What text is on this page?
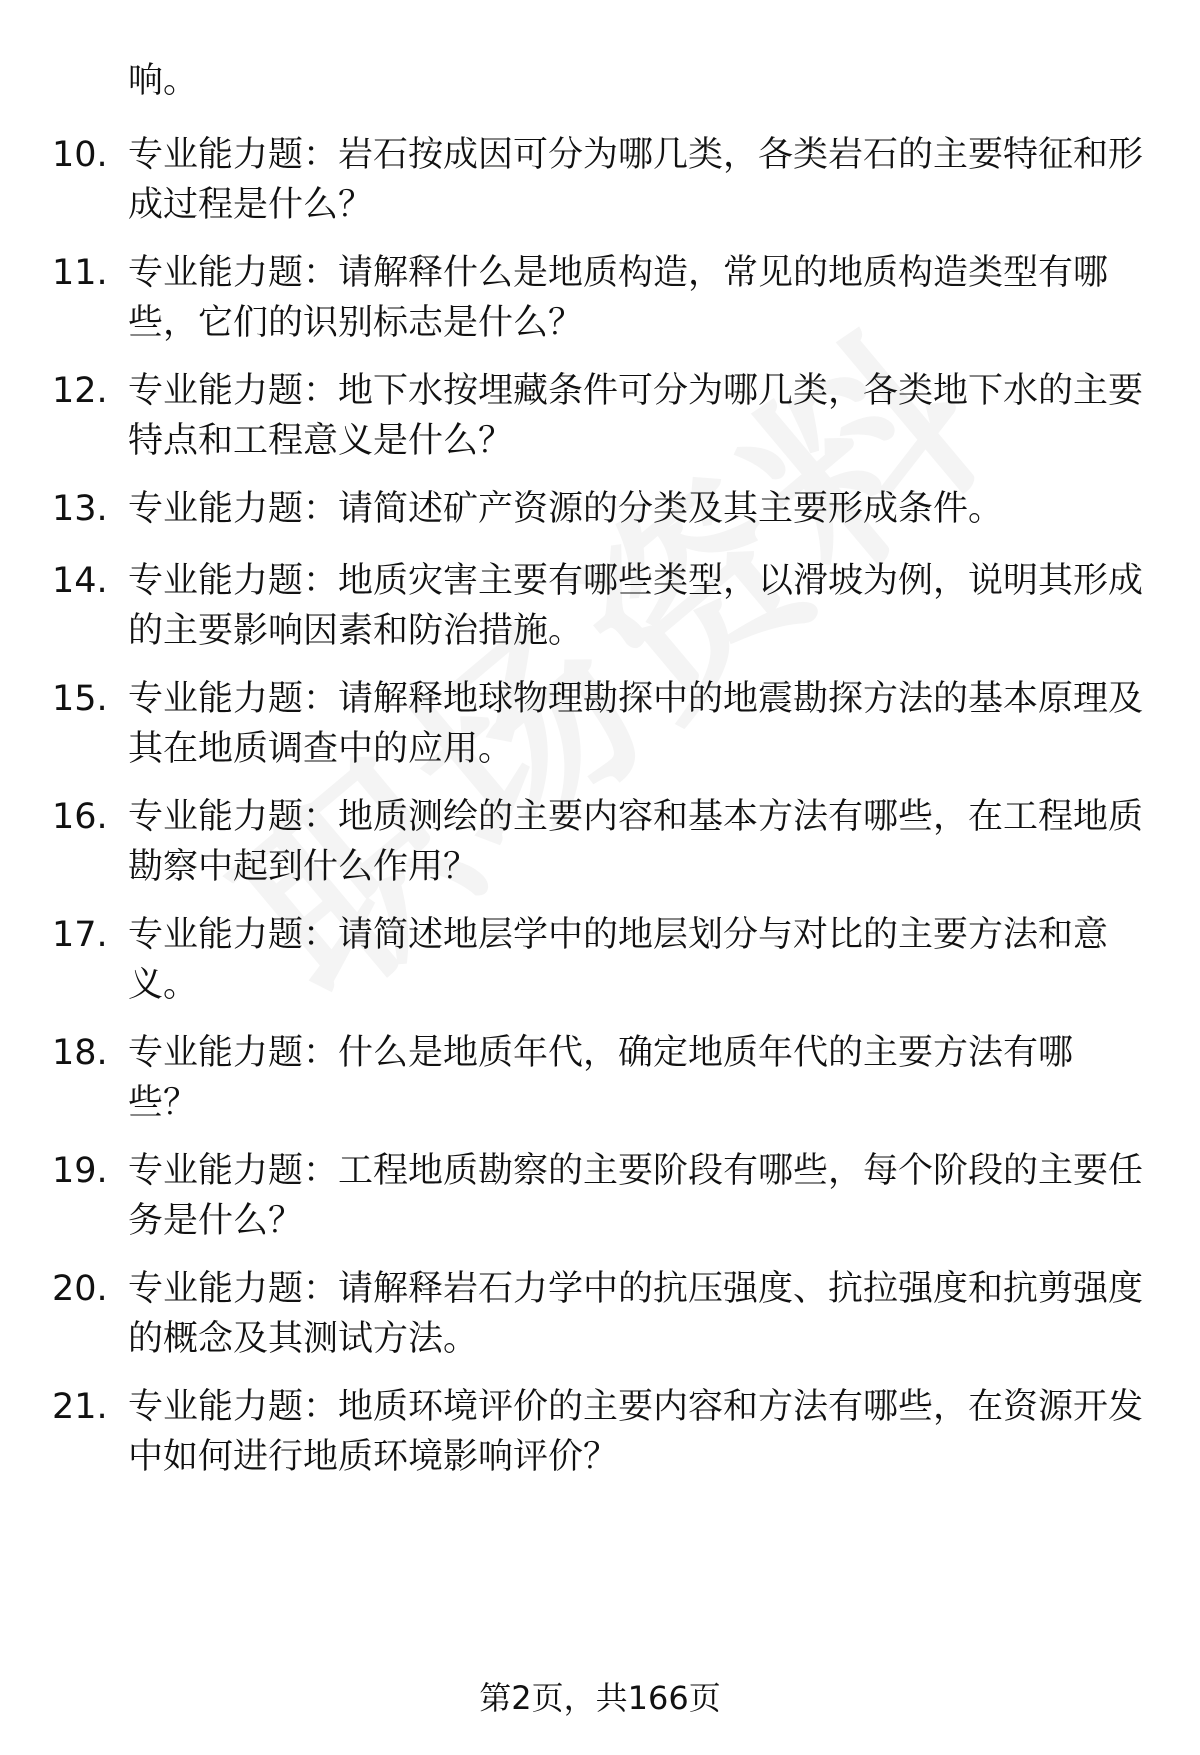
响。
10. 专业能力题：岩石按成因可分为哪几类，各类岩石的主要特征和形成过程是什么？
11. 专业能力题：请解释什么是地质构造，常见的地质构造类型有哪些，它们的识别标志是什么？
12. 专业能力题：地下水按埋藏条件可分为哪几类，各类地下水的主要特点和工程意义是什么？
13. 专业能力题：请简述矿产资源的分类及其主要形成条件。
14. 专业能力题：地质灾害主要有哪些类型，以滑坡为例，说明其形成的主要影响因素和防治措施。
15. 专业能力题：请解释地球物理勘探中的地震勘探方法的基本原理及其在地质调查中的应用。
16. 专业能力题：地质测绘的主要内容和基本方法有哪些，在工程地质勘察中起到什么作用？
17. 专业能力题：请简述地层学中的地层划分与对比的主要方法和意义。
18. 专业能力题：什么是地质年代，确定地质年代的主要方法有哪些？
19. 专业能力题：工程地质勘察的主要阶段有哪些，每个阶段的主要任务是什么？
20. 专业能力题：请解释岩石力学中的抗压强度、抗拉强度和抗剪强度的概念及其测试方法。
21. 专业能力题：地质环境评价的主要内容和方法有哪些，在资源开发中如何进行地质环境影响评价？
第2页，共166页
